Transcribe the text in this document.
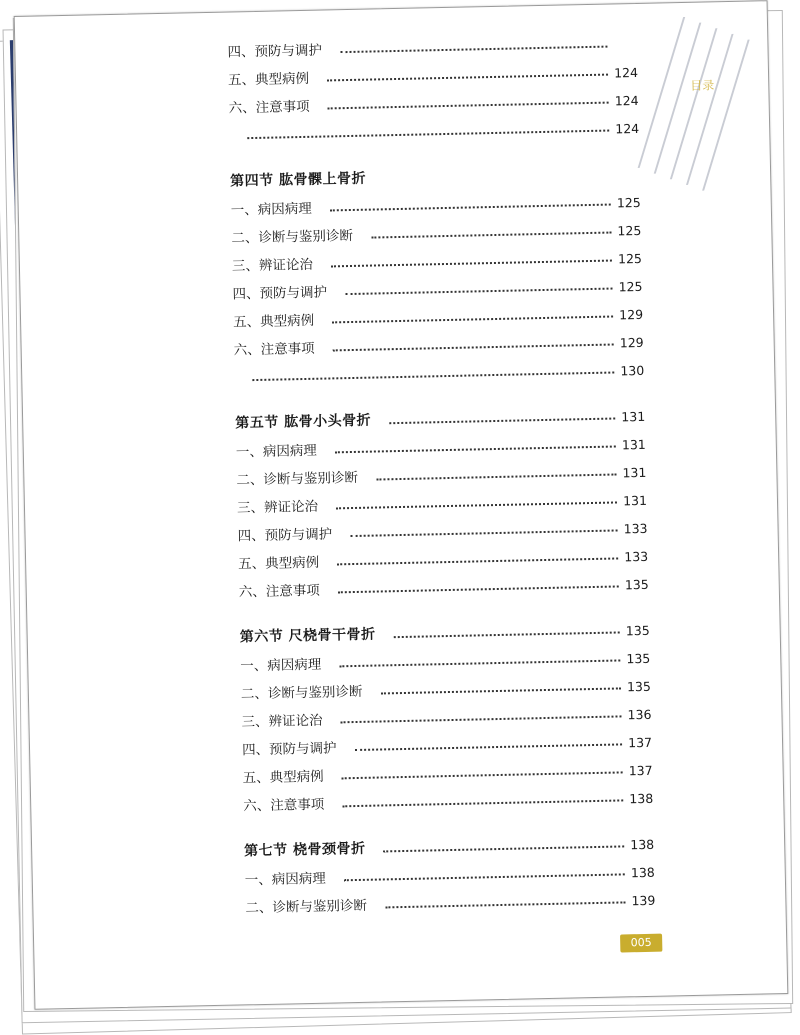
目录
四、预防与调护
五、典型病例	124
六、注意事项	124
124
第四节 肱骨髁上骨折
一、病因病理	125
二、诊断与鉴别诊断	125
三、辨证论治	125
四、预防与调护	125
五、典型病例	129
六、注意事项	129
130
第五节 肱骨小头骨折	131
一、病因病理	131
二、诊断与鉴别诊断	131
三、辨证论治	131
四、预防与调护	133
五、典型病例	133
六、注意事项	135
第六节 尺桡骨干骨折	135
一、病因病理	135
二、诊断与鉴别诊断	135
三、辨证论治	136
四、预防与调护	137
五、典型病例	137
六、注意事项	138
第七节 桡骨颈骨折	138
一、病因病理	138
二、诊断与鉴别诊断	139
005
